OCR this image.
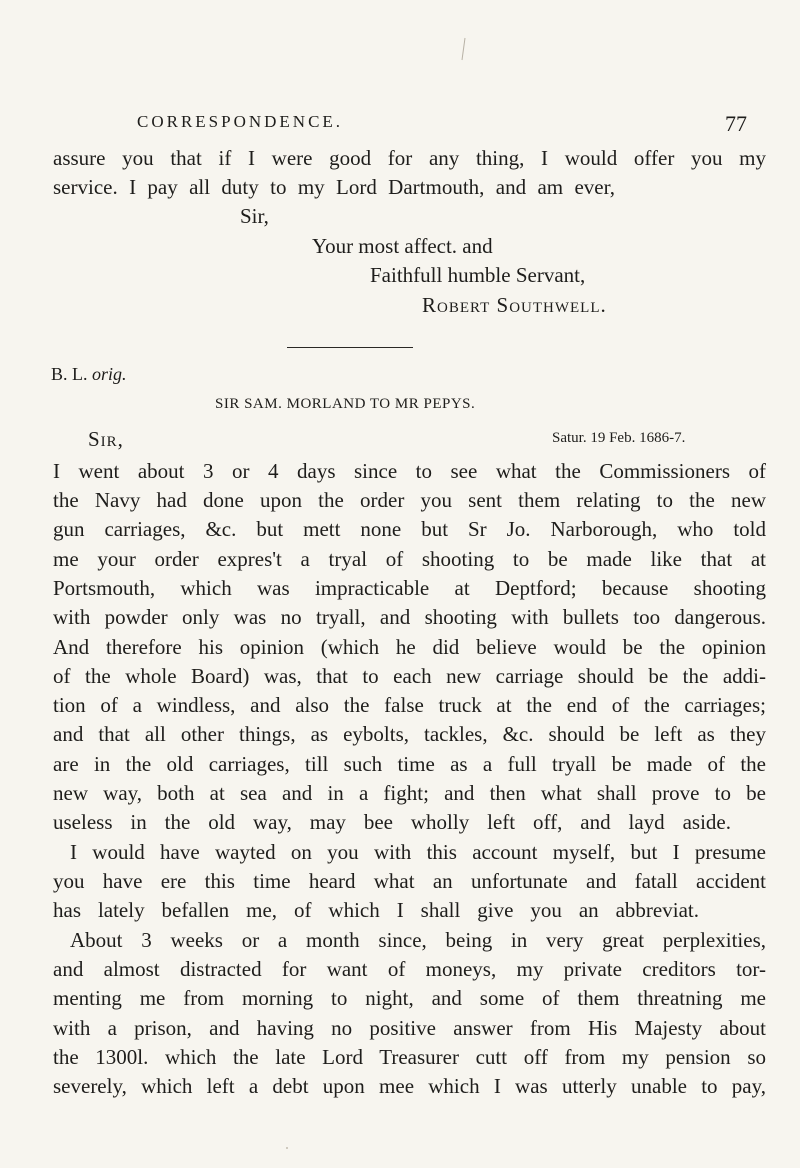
CORRESPONDENCE.	77
assure you that if I were good for any thing, I would offer you my
service. I pay all duty to my Lord Dartmouth, and am ever,
Sir,
Your most affect. and
Faithfull humble Servant,
Robert Southwell.
B. L. orig.
SIR SAM. MORLAND TO MR PEPYS.
Sir,	Satur. 19 Feb. 1686-7.
I went about 3 or 4 days since to see what the Commissioners of
the Navy had done upon the order you sent them relating to the new
gun carriages, &c. but mett none but Sr Jo. Narborough, who told
me your order expres't a tryal of shooting to be made like that at
Portsmouth, which was impracticable at Deptford; because shooting
with powder only was no tryall, and shooting with bullets too dangerous.
And therefore his opinion (which he did believe would be the opinion
of the whole Board) was, that to each new carriage should be the addi-
tion of a windless, and also the false truck at the end of the carriages;
and that all other things, as eybolts, tackles, &c. should be left as they
are in the old carriages, till such time as a full tryall be made of the
new way, both at sea and in a fight; and then what shall prove to be
useless in the old way, may bee wholly left off, and layd aside.
I would have wayted on you with this account myself, but I presume
you have ere this time heard what an unfortunate and fatall accident
has lately befallen me, of which I shall give you an abbreviat.
About 3 weeks or a month since, being in very great perplexities,
and almost distracted for want of moneys, my private creditors tor-
menting me from morning to night, and some of them threatning me
with a prison, and having no positive answer from His Majesty about
the 1300l. which the late Lord Treasurer cutt off from my pension so
severely, which left a debt upon mee which I was utterly unable to pay,
